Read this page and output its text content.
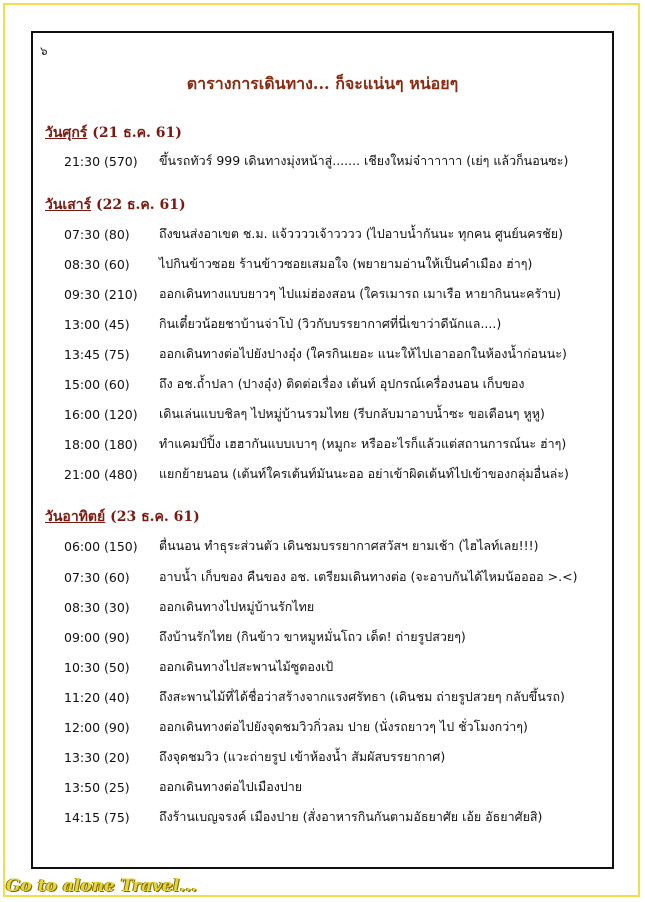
๖
ตารางการเดินทาง... ก็จะแน่นๆ หน่อยๆ
วันศุกร์ (21 ธ.ค. 61)
21:30 (570)	ขึ้นรถทัวร์ 999 เดินทางมุ่งหน้าสู่....... เชียงใหม่จ๋าาาาาา (เย่ๆ แล้วก็นอนซะ)
วันเสาร์ (22 ธ.ค. 61)
07:30 (80)	ถึงขนส่งอาเขต ช.ม. แจ้วววว​เจ้าวววว (ไปอาบน้ำกันนะ ทุกคน ศูนย์นครชัย)
08:30 (60)	ไปกินข้าวซอย ร้านข้าวซอยเสมอใจ (พยายามอ่านให้เป็นคำเมือง ฮ่าๆ)
09:30 (210)	ออกเดินทางแบบยาวๆ ไปแม่ฮ่องสอน (ใครเมารถ เมาเรือ หายากินนะครัาบ)
13:00 (45)	กินเตี๋ยวน้อยชาบ้านจ่าโป่ (วิวกับบรรยากาศที่นี่เขาว่าดีนักแล....)
13:45 (75)	ออกเดินทางต่อไปยังปางอุ๋ง (ใครกินเยอะ แนะให้ไปเอาออกในห้องน้ำก่อนนะ)
15:00 (60)	ถึง อช.ถ้ำปลา (ปางอุ๋ง) ติดต่อเรื่อง เต้นท์ อุปกรณ์เครื่องนอน เก็บของ
16:00 (120)	เดินเล่นแบบชิลๆ ไปหมู่บ้านรวมไทย (รีบกลับมาอาบน้ำซะ ขอเตือนๆ หูหู)
18:00 (180)	ทำแคมป์ปิ้ง เฮฮากันแบบเบาๆ (หมูกะ หรืออะไรก็แล้วแต่สถานการณ์นะ ฮ่าๆ)
21:00 (480)	แยกย้ายนอน (เต้นท์ใครเต้นท์มันนะออ อย่าเข้าผิดเต้นท์ไปเข้าของกลุ่มอื่นล่ะ)
วันอาทิตย์ (23 ธ.ค. 61)
06:00 (150)	ตื่นนอน ทำธุระส่วนตัว เดินชมบรรยากาศสวัสฯ ยามเช้า (ไฮไลท์เลย!!!)
07:30 (60)	อาบน้ำ เก็บของ คืนของ อช. เตรียมเดินทางต่อ (จะอาบกันได้ไหมน้ออออ >.<)
08:30 (30)	ออกเดินทางไปหมู่บ้านรักไทย
09:00 (90)	ถึงบ้านรักไทย (กินข้าว ขาหมูหมั่นโถว เด็ด! ถ่ายรูปสวยๆ)
10:30 (50)	ออกเดินทางไปสะพานไม้ซูตองเป้
11:20 (40)	ถึงสะพานไม้ที่ได้ชื่อว่าสร้างจากแรงศรัทธา (เดินชม ถ่ายรูปสวยๆ กลับขึ้นรถ)
12:00 (90)	ออกเดินทางต่อไปยังจุดชมวิวกิ่วลม ปาย (นั่งรถยาวๆ ไป ชั่วโมงกว่าๆ)
13:30 (20)	ถึงจุดชมวิว (แวะถ่ายรูป เข้าห้องน้ำ สัมผัสบรรยากาศ)
13:50 (25)	ออกเดินทางต่อไปเมืองปาย
14:15 (75)	ถึงร้านเบญจรงค์ เมืองปาย (สั่งอาหารกินกันตามอัธยาศัย เอ้ย อัธยาศัยสิ)
Go to alone Travel...
